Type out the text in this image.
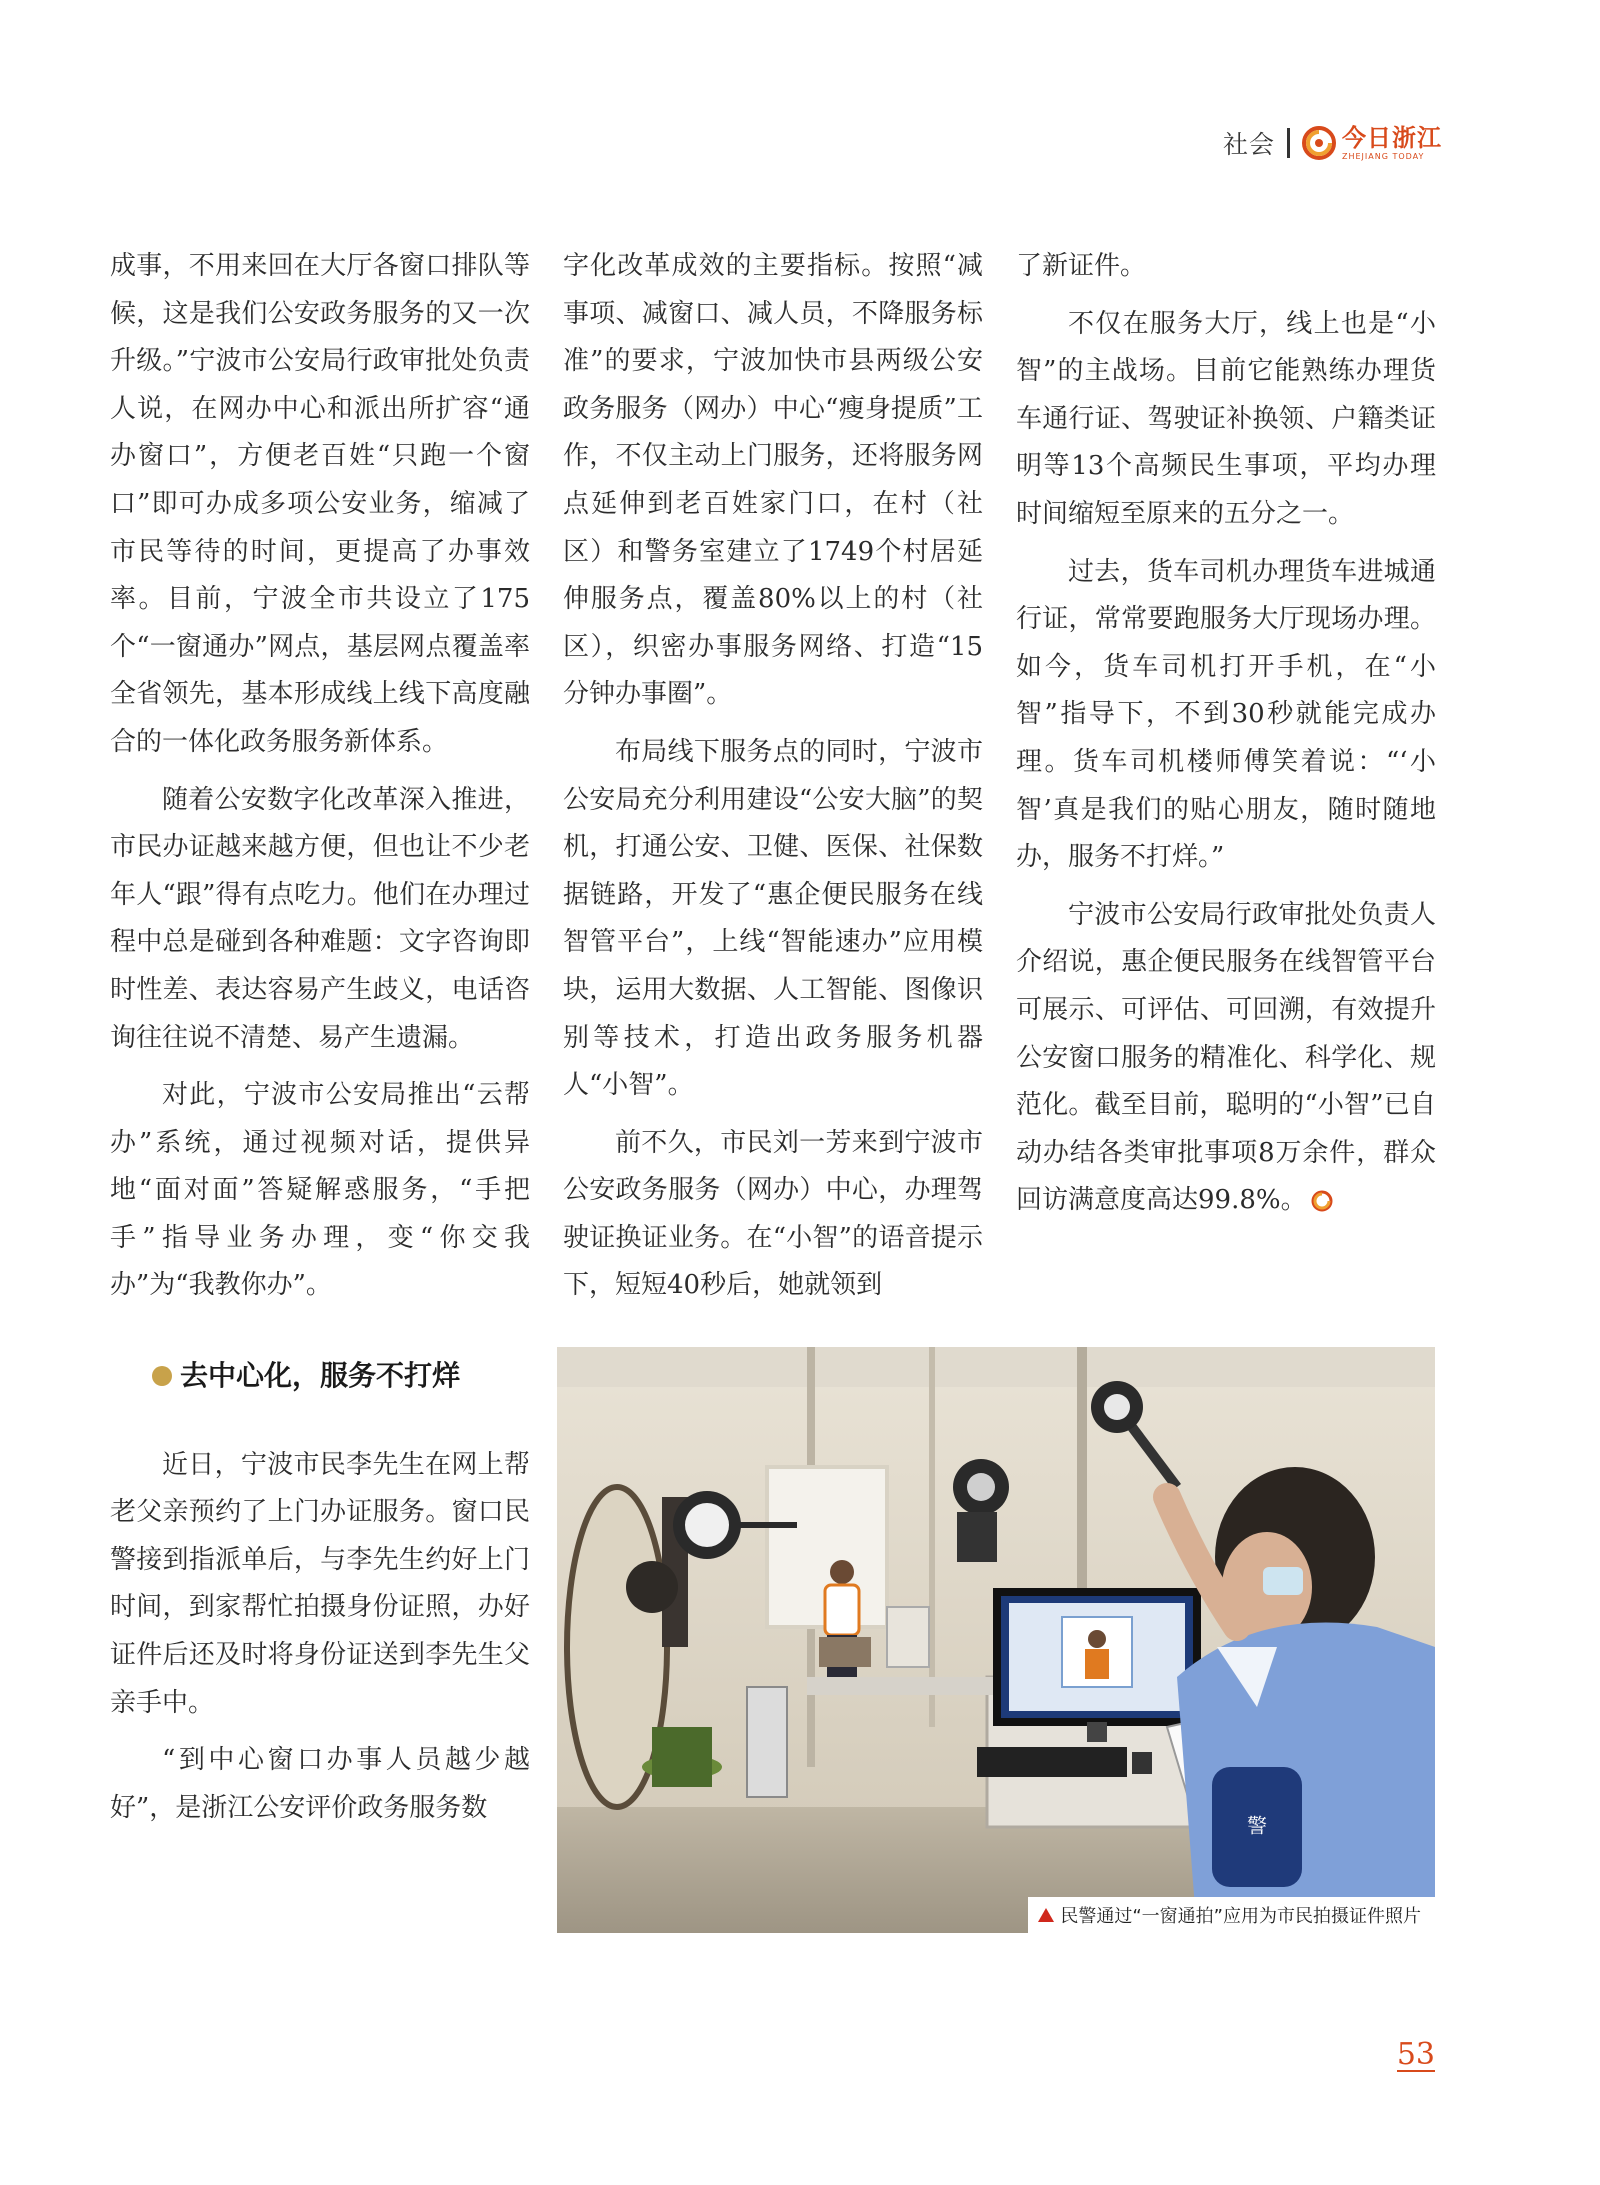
社会	今日浙江
ZHEJIANG TODAY

成事，不用来回在大厅各窗口排队等候，这是我们公安政务服务的又一次升级。”宁波市公安局行政审批处负责人说，在网办中心和派出所扩容“通办窗口”，方便老百姓“只跑一个窗口”即可办成多项公安业务，缩减了市民等待的时间，更提高了办事效率。目前，宁波全市共设立了175个“一窗通办”网点，基层网点覆盖率全省领先，基本形成线上线下高度融合的一体化政务服务新体系。

随着公安数字化改革深入推进，市民办证越来越方便，但也让不少老年人“跟”得有点吃力。他们在办理过程中总是碰到各种难题：文字咨询即时性差、表达容易产生歧义，电话咨询往往说不清楚、易产生遗漏。

对此，宁波市公安局推出“云帮办”系统，通过视频对话，提供异地“面对面”答疑解惑服务，“手把手”指导业务办理，变“你交我办”为“我教你办”。

去中心化，服务不打烊

近日，宁波市民李先生在网上帮老父亲预约了上门办证服务。窗口民警接到指派单后，与李先生约好上门时间，到家帮忙拍摄身份证照，办好证件后还及时将身份证送到李先生父亲手中。

“到中心窗口办事人员越少越好”，是浙江公安评价政务服务数

字化改革成效的主要指标。按照“减事项、减窗口、减人员，不降服务标准”的要求，宁波加快市县两级公安政务服务（网办）中心“瘦身提质”工作，不仅主动上门服务，还将服务网点延伸到老百姓家门口，在村（社区）和警务室建立了1749个村居延伸服务点，覆盖80%以上的村（社区），织密办事服务网络、打造“15分钟办事圈”。

布局线下服务点的同时，宁波市公安局充分利用建设“公安大脑”的契机，打通公安、卫健、医保、社保数据链路，开发了“惠企便民服务在线智管平台”，上线“智能速办”应用模块，运用大数据、人工智能、图像识别等技术，打造出政务服务机器人“小智”。

前不久，市民刘一芳来到宁波市公安政务服务（网办）中心，办理驾驶证换证业务。在“小智”的语音提示下，短短40秒后，她就领到

了新证件。

不仅在服务大厅，线上也是“小智”的主战场。目前它能熟练办理货车通行证、驾驶证补换领、户籍类证明等13个高频民生事项，平均办理时间缩短至原来的五分之一。

过去，货车司机办理货车进城通行证，常常要跑服务大厅现场办理。如今，货车司机打开手机，在“小智”指导下，不到30秒就能完成办理。货车司机楼师傅笑着说：“‘小智’真是我们的贴心朋友，随时随地办，服务不打烊。”

宁波市公安局行政审批处负责人介绍说，惠企便民服务在线智管平台可展示、可评估、可回溯，有效提升公安窗口服务的精准化、科学化、规范化。截至目前，聪明的“小智”已自动办结各类审批事项8万余件，群众回访满意度高达99.8%。

警
民警通过“一窗通拍”应用为市民拍摄证件照片
53
